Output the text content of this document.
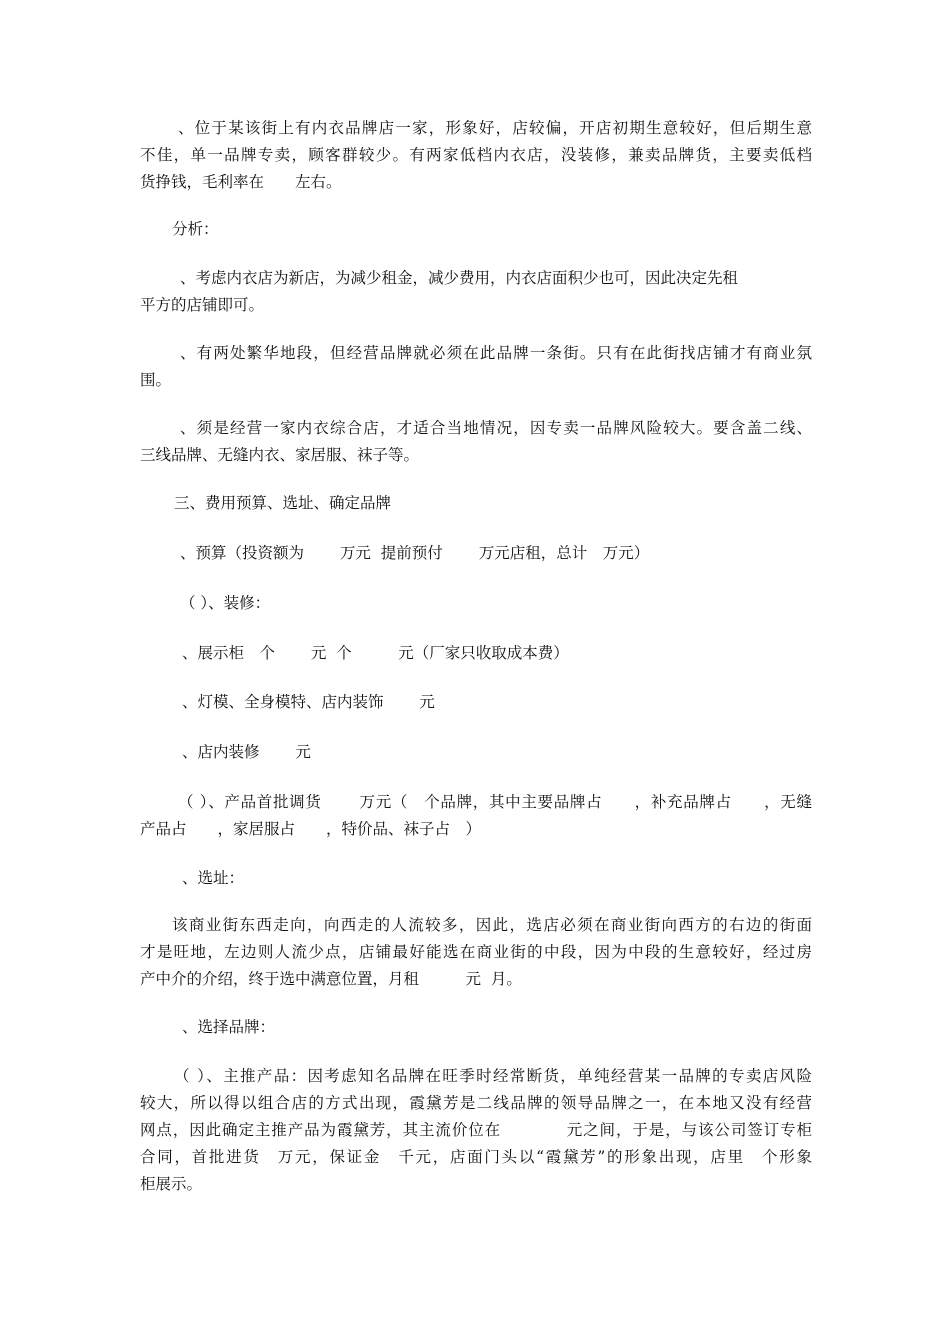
、位于某该街上有内衣品牌店一家，形象好，店较偏，开店初期生意较好，但后期生意
不佳，单一品牌专卖，顾客群较少。有两家低档内衣店，没装修，兼卖品牌货，主要卖低档
货挣钱，毛利率在　　左右。
分析：
、考虑内衣店为新店，为减少租金，减少费用，内衣店面积少也可，因此决定先租
平方的店铺即可。
、有两处繁华地段，但经营品牌就必须在此品牌一条街。只有在此街找店铺才有商业氛
围。
、须是经营一家内衣综合店，才适合当地情况，因专卖一品牌风险较大。要含盖二线、
三线品牌、无缝内衣、家居服、袜子等。
三、费用预算、选址、确定品牌
、预算（投资额为　　 万元  提前预付　　 万元店租，总计　万元）
（ ）、装修：
、展示柜　个　　 元  个　　　元（厂家只收取成本费）
、灯模、全身模特、店内装饰　　 元
、店内装修　　 元
（ ）、产品首批调货　　 万元（　个品牌，其中主要品牌占　　，补充品牌占　　，无缝
产品占　　，家居服占　　，特价品、袜子占　）
、选址：
该商业街东西走向，向西走的人流较多，因此，选店必须在商业街向西方的右边的街面
才是旺地，左边则人流少点，店铺最好能选在商业街的中段，因为中段的生意较好，经过房
产中介的介绍，终于选中满意位置，月租　　　元  月。
、选择品牌：
（ ）、主推产品：因考虑知名品牌在旺季时经常断货，单纯经营某一品牌的专卖店风险
较大，所以得以组合店的方式出现，霞黛芳是二线品牌的领导品牌之一，在本地又没有经营
网点，因此确定主推产品为霞黛芳，其主流价位在　　　　元之间，于是，与该公司签订专柜
合同，首批进货　万元，保证金　千元，店面门头以“霞黛芳”的形象出现，店里　个形象
柜展示。
